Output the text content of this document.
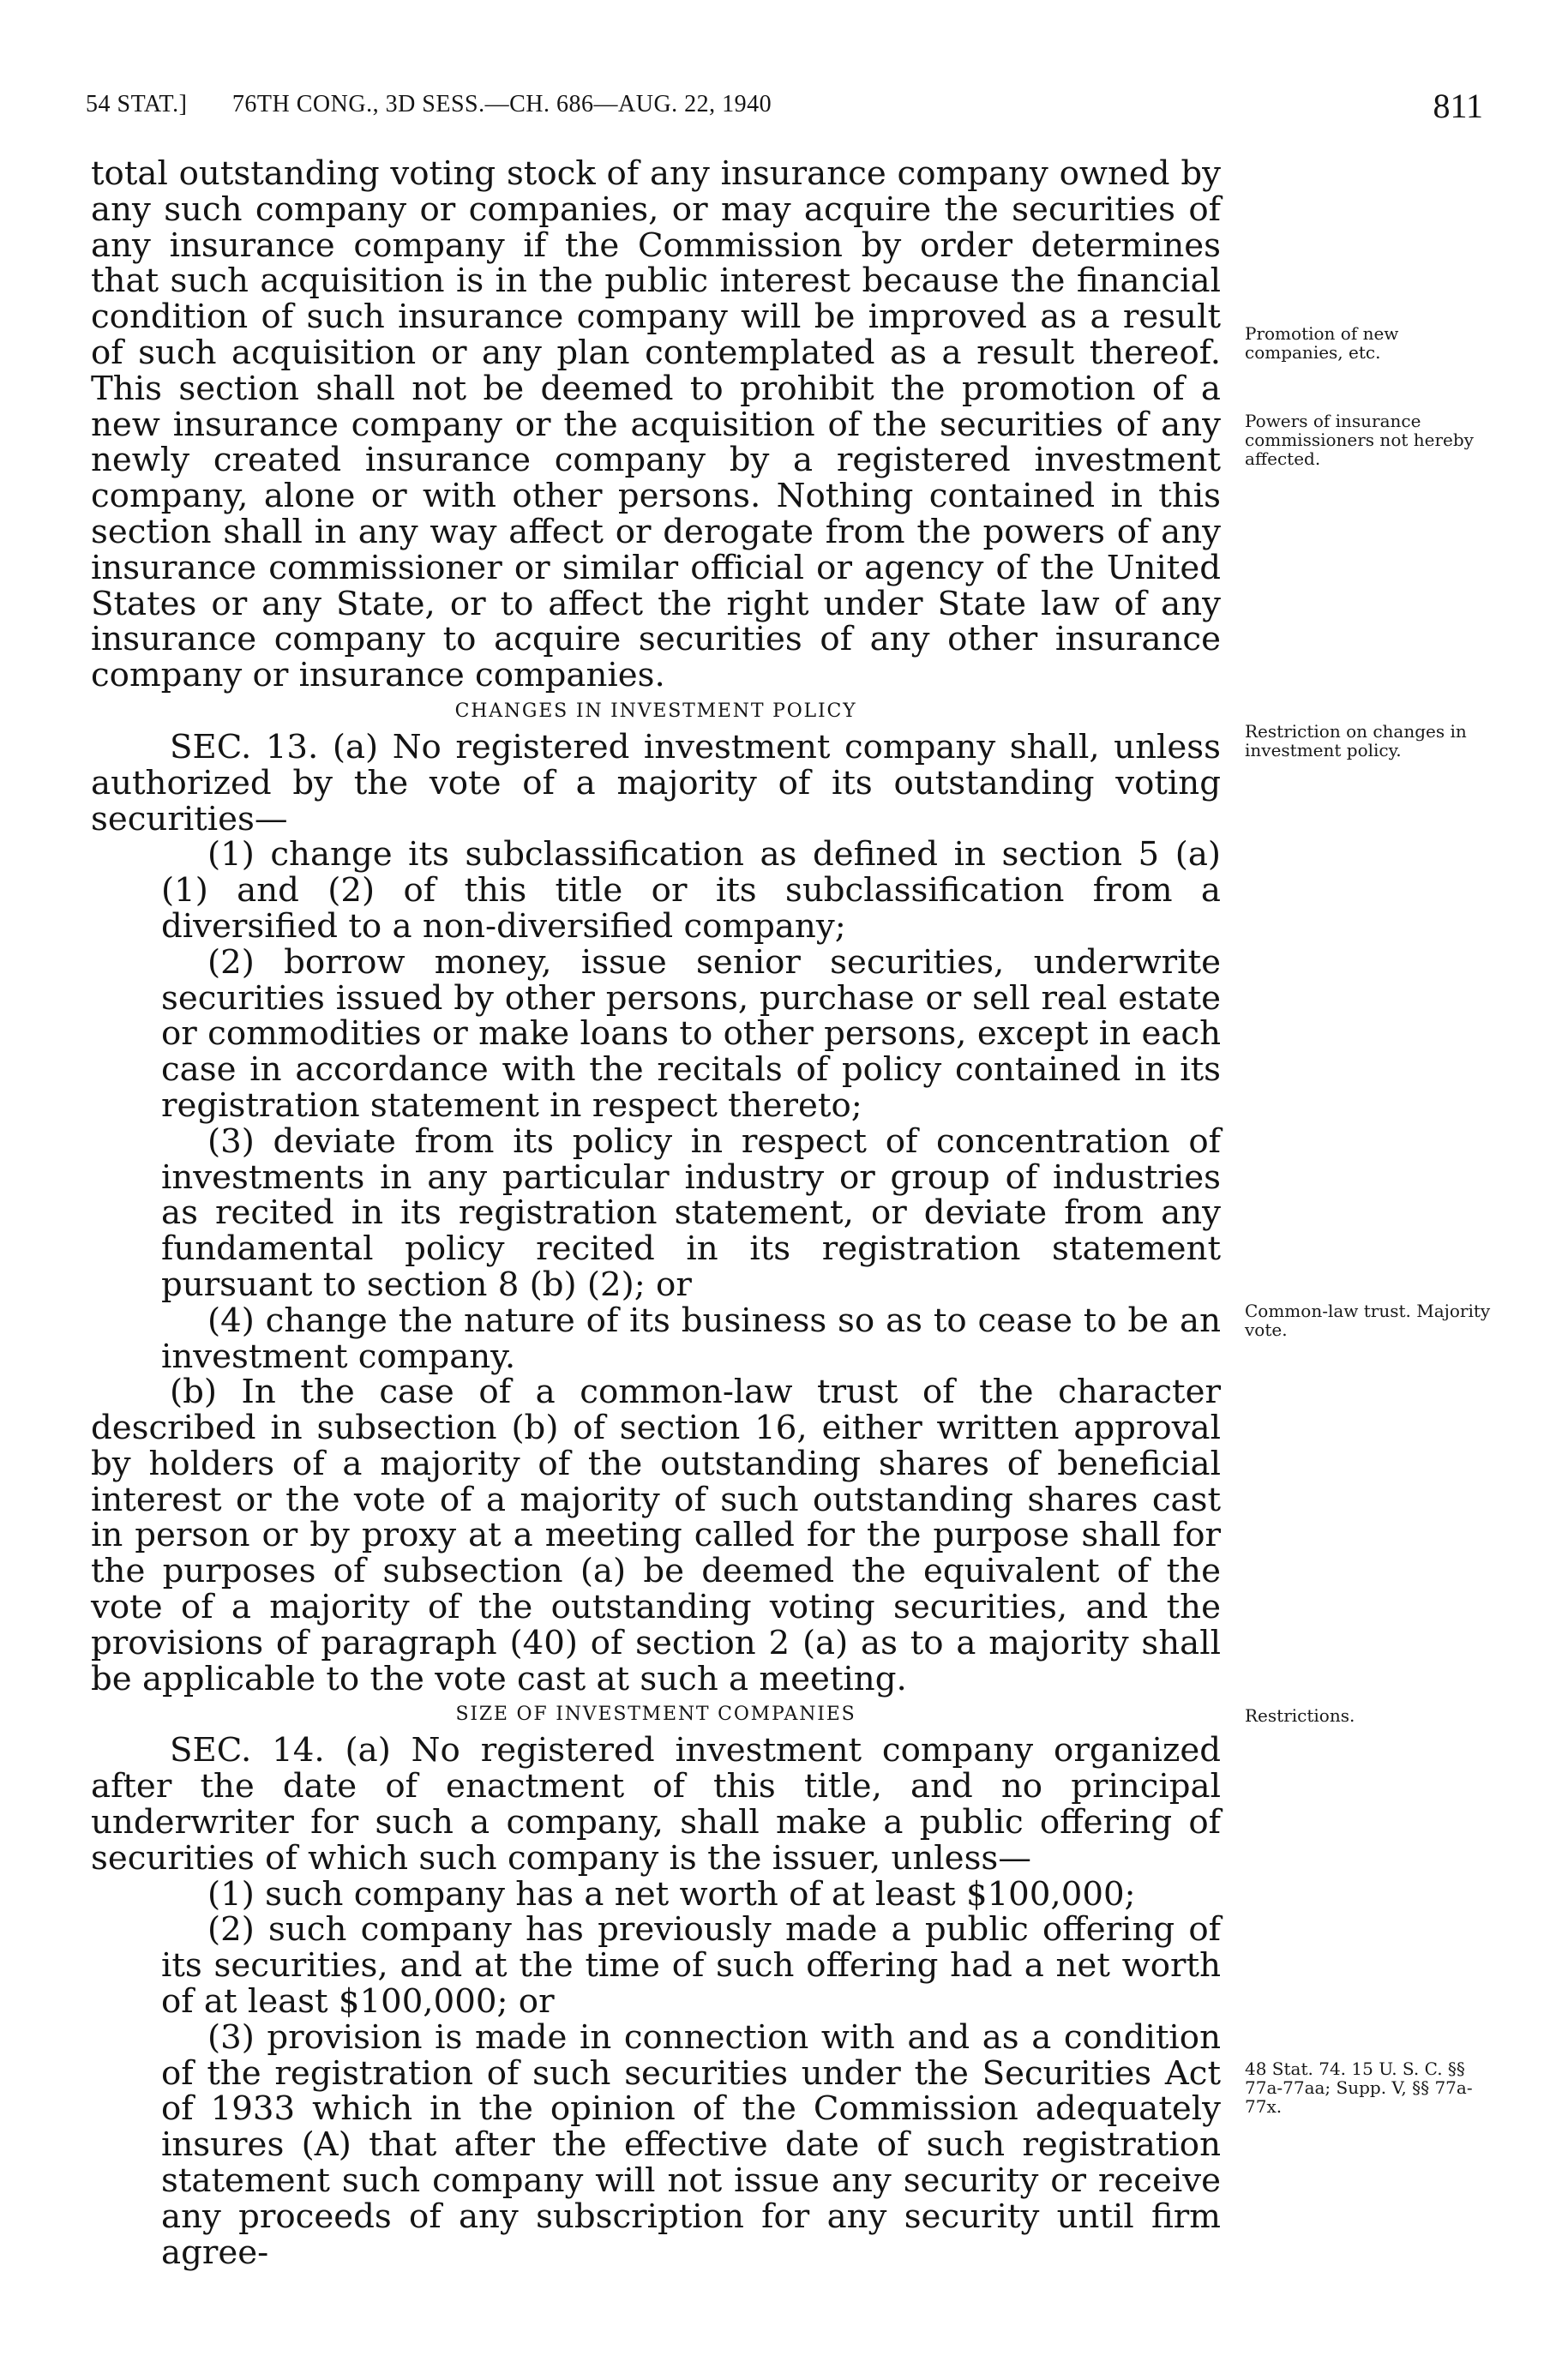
54 STAT.]       76TH CONG., 3D SESS.—CH. 686—AUG. 22, 1940	811

total outstanding voting stock of any insurance company owned by any such company or companies, or may acquire the securities of any insurance company if the Commission by order determines that such acquisition is in the public interest because the financial condition of such insurance company will be improved as a result of such acquisition or any plan contemplated as a result thereof. This section shall not be deemed to prohibit the promotion of a new insurance company or the acquisition of the securities of any newly created insurance company by a registered investment company, alone or with other persons. Nothing contained in this section shall in any way affect or derogate from the powers of any insurance commissioner or similar official or agency of the United States or any State, or to affect the right under State law of any insurance company to acquire securities of any other insurance company or insurance companies.

CHANGES IN INVESTMENT POLICY

SEC. 13. (a) No registered investment company shall, unless authorized by the vote of a majority of its outstanding voting securities—

(1) change its subclassification as defined in section 5 (a) (1) and (2) of this title or its subclassification from a diversified to a non-diversified company;

(2) borrow money, issue senior securities, underwrite securities issued by other persons, purchase or sell real estate or commodities or make loans to other persons, except in each case in accordance with the recitals of policy contained in its registration statement in respect thereto;

(3) deviate from its policy in respect of concentration of investments in any particular industry or group of industries as recited in its registration statement, or deviate from any fundamental policy recited in its registration statement pursuant to section 8 (b) (2); or

(4) change the nature of its business so as to cease to be an investment company.

(b) In the case of a common-law trust of the character described in subsection (b) of section 16, either written approval by holders of a majority of the outstanding shares of beneficial interest or the vote of a majority of such outstanding shares cast in person or by proxy at a meeting called for the purpose shall for the purposes of subsection (a) be deemed the equivalent of the vote of a majority of the outstanding voting securities, and the provisions of paragraph (40) of section 2 (a) as to a majority shall be applicable to the vote cast at such a meeting.

SIZE OF INVESTMENT COMPANIES

SEC. 14. (a) No registered investment company organized after the date of enactment of this title, and no principal underwriter for such a company, shall make a public offering of securities of which such company is the issuer, unless—

(1) such company has a net worth of at least $100,000;

(2) such company has previously made a public offering of its securities, and at the time of such offering had a net worth of at least $100,000; or

(3) provision is made in connection with and as a condition of the registration of such securities under the Securities Act of 1933 which in the opinion of the Commission adequately insures (A) that after the effective date of such registration statement such company will not issue any security or receive any proceeds of any subscription for any security until firm agree-

Promotion of new companies, etc.
Powers of insurance commissioners not hereby affected.
Restriction on changes in investment policy.
Common-law trust. Majority vote.
Restrictions.
48 Stat. 74. 15 U. S. C. §§ 77a-77aa; Supp. V, §§ 77a-77x.
